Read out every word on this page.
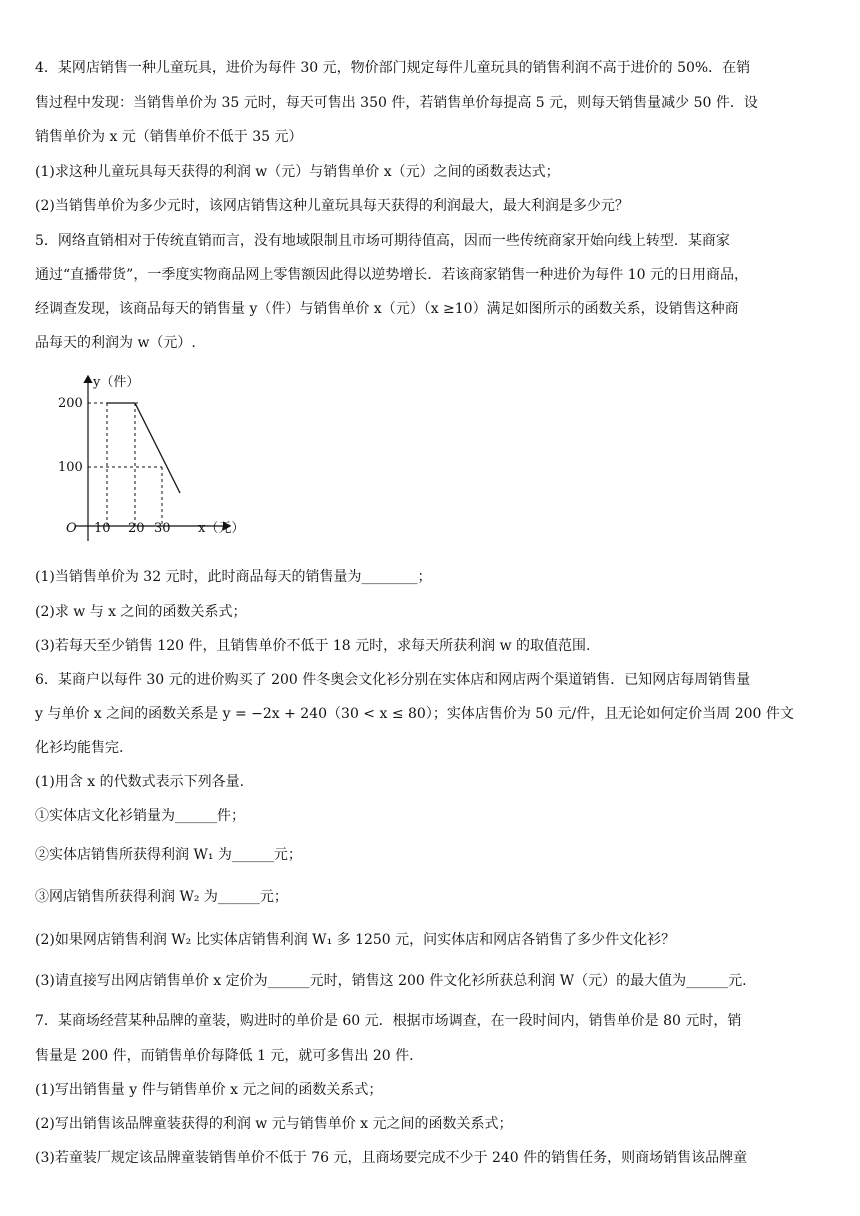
4．某网店销售一种儿童玩具，进价为每件 30 元，物价部门规定每件儿童玩具的销售利润不高于进价的 50%．在销
售过程中发现：当销售单价为 35 元时，每天可售出 350 件，若销售单价每提高 5 元，则每天销售量减少 50 件．设
销售单价为 x 元（销售单价不低于 35 元）
(1)求这种儿童玩具每天获得的利润 w（元）与销售单价 x（元）之间的函数表达式；
(2)当销售单价为多少元时，该网店销售这种儿童玩具每天获得的利润最大，最大利润是多少元？
5．网络直销相对于传统直销而言，没有地域限制且市场可期待值高，因而一些传统商家开始向线上转型．某商家
通过“直播带货”，一季度实物商品网上零售额因此得以逆势增长．若该商家销售一种进价为每件 10 元的日用商品，
经调查发现，该商品每天的销售量 y（件）与销售单价 x（元）（x ≥10）满足如图所示的函数关系，设销售这种商
品每天的利润为 w（元）.
y（件）
x（元）
O
200
100
10 20 30
(1)当销售单价为 32 元时，此时商品每天的销售量为________；
(2)求 w 与 x 之间的函数关系式；
(3)若每天至少销售 120 件，且销售单价不低于 18 元时，求每天所获利润 w 的取值范围.
6．某商户以每件 30 元的进价购买了 200 件冬奥会文化衫分别在实体店和网店两个渠道销售．已知网店每周销售量
y 与单价 x 之间的函数关系是 y = −2x + 240（30 < x ≤ 80）；实体店售价为 50 元/件，且无论如何定价当周 200 件文
化衫均能售完.
(1)用含 x 的代数式表示下列各量.
①实体店文化衫销量为______件；
②实体店销售所获得利润 W₁ 为______元；
③网店销售所获得利润 W₂ 为______元；
(2)如果网店销售利润 W₂ 比实体店销售利润 W₁ 多 1250 元，问实体店和网店各销售了多少件文化衫？
(3)请直接写出网店销售单价 x 定价为______元时，销售这 200 件文化衫所获总利润 W（元）的最大值为______元.
7．某商场经营某种品牌的童装，购进时的单价是 60 元．根据市场调查，在一段时间内，销售单价是 80 元时，销
售量是 200 件，而销售单价每降低 1 元，就可多售出 20 件.
(1)写出销售量 y 件与销售单价 x 元之间的函数关系式；
(2)写出销售该品牌童装获得的利润 w 元与销售单价 x 元之间的函数关系式；
(3)若童装厂规定该品牌童装销售单价不低于 76 元，且商场要完成不少于 240 件的销售任务，则商场销售该品牌童
